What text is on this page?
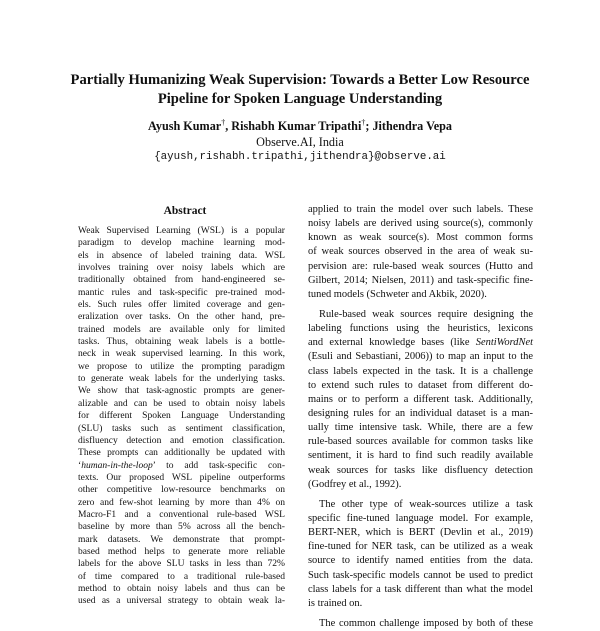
Partially Humanizing Weak Supervision: Towards a Better Low Resource
Pipeline for Spoken Language Understanding
Ayush Kumar†, Rishabh Kumar Tripathi†; Jithendra Vepa
Observe.AI, India
{ayush,rishabh.tripathi,jithendra}@observe.ai
Abstract
Weak Supervised Learning (WSL) is a popular
paradigm to develop machine learning mod-
els in absence of labeled training data. WSL
involves training over noisy labels which are
traditionally obtained from hand-engineered se-
mantic rules and task-specific pre-trained mod-
els. Such rules offer limited coverage and gen-
eralization over tasks. On the other hand, pre-
trained models are available only for limited
tasks. Thus, obtaining weak labels is a bottle-
neck in weak supervised learning. In this work,
we propose to utilize the prompting paradigm
to generate weak labels for the underlying tasks.
We show that task-agnostic prompts are gener-
alizable and can be used to obtain noisy labels
for different Spoken Language Understanding
(SLU) tasks such as sentiment classification,
disfluency detection and emotion classification.
These prompts can additionally be updated with
‘human-in-the-loop’ to add task-specific con-
texts. Our proposed WSL pipeline outperforms
other competitive low-resource benchmarks on
zero and few-shot learning by more than 4% on
Macro-F1 and a conventional rule-based WSL
baseline by more than 5% across all the bench-
mark datasets. We demonstrate that prompt-
based method helps to generate more reliable
labels for the above SLU tasks in less than 72%
of time compared to a traditional rule-based
method to obtain noisy labels and thus can be
used as a universal strategy to obtain weak la-
applied to train the model over such labels. These
noisy labels are derived using source(s), commonly
known as weak source(s). Most common forms
of weak sources observed in the area of weak su-
pervision are: rule-based weak sources (Hutto and
Gilbert, 2014; Nielsen, 2011) and task-specific fine-
tuned models (Schweter and Akbik, 2020).
Rule-based weak sources require designing the
labeling functions using the heuristics, lexicons
and external knowledge bases (like SentiWordNet
(Esuli and Sebastiani, 2006)) to map an input to the
class labels expected in the task. It is a challenge
to extend such rules to dataset from different do-
mains or to perform a different task. Additionally,
designing rules for an individual dataset is a man-
ually time intensive task. While, there are a few
rule-based sources available for common tasks like
sentiment, it is hard to find such readily available
weak sources for tasks like disfluency detection
(Godfrey et al., 1992).
The other type of weak-sources utilize a task
specific fine-tuned language model. For example,
BERT-NER, which is BERT (Devlin et al., 2019)
fine-tuned for NER task, can be utilized as a weak
source to identify named entities from the data.
Such task-specific models cannot be used to predict
class labels for a task different than what the model
is trained on.
The common challenge imposed by both of these
